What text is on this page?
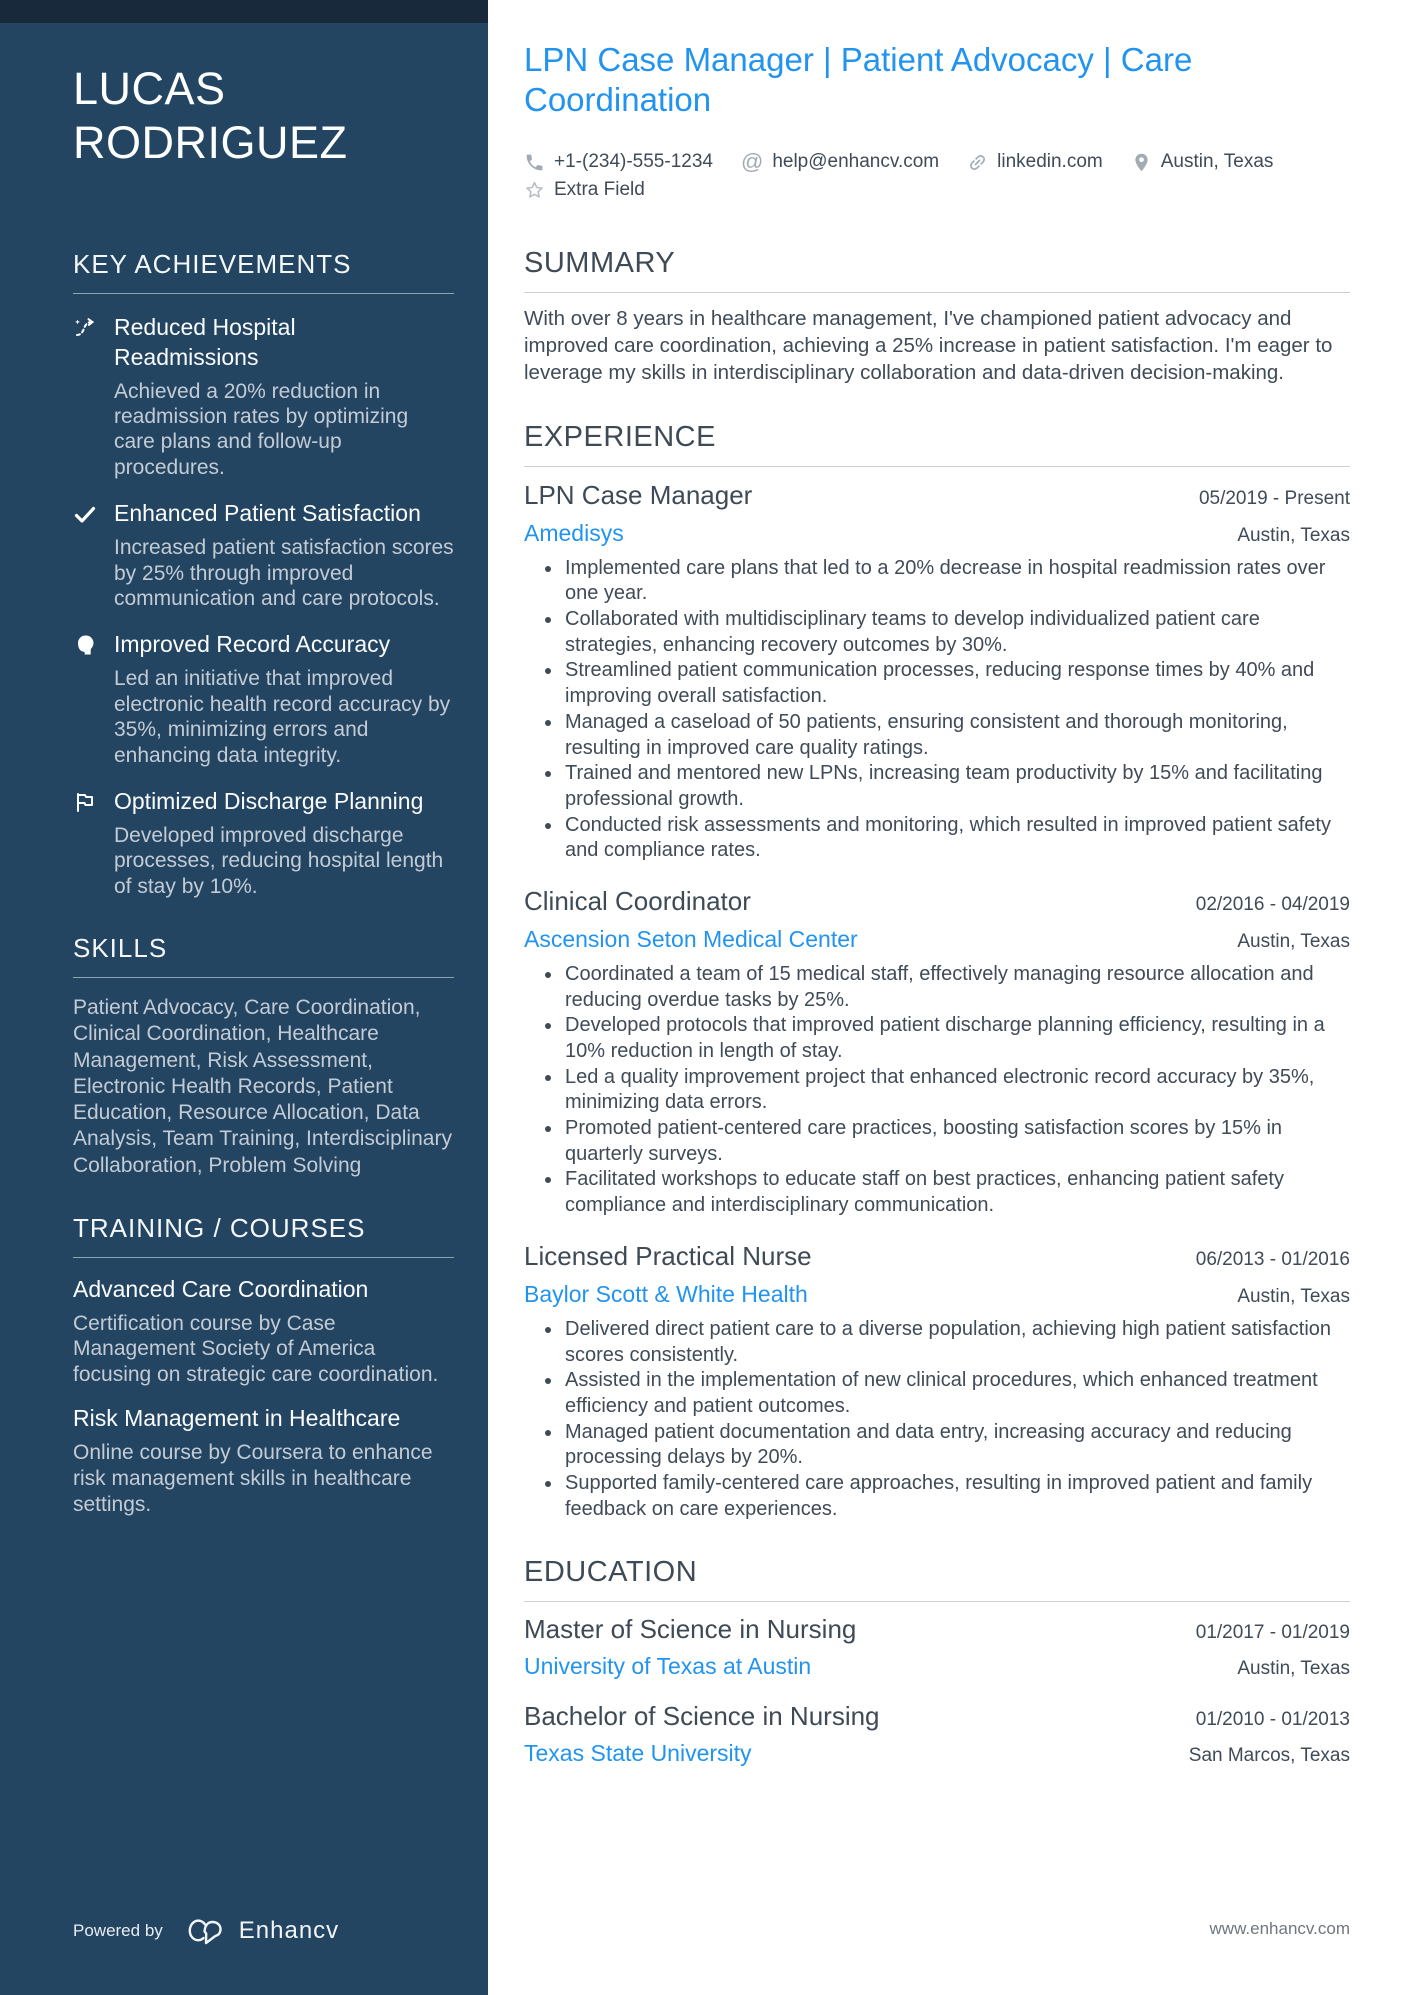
LUCAS RODRIGUEZ
KEY ACHIEVEMENTS
Reduced Hospital Readmissions
Achieved a 20% reduction in readmission rates by optimizing care plans and follow-up procedures.
Enhanced Patient Satisfaction
Increased patient satisfaction scores by 25% through improved communication and care protocols.
Improved Record Accuracy
Led an initiative that improved electronic health record accuracy by 35%, minimizing errors and enhancing data integrity.
Optimized Discharge Planning
Developed improved discharge processes, reducing hospital length of stay by 10%.
SKILLS
Patient Advocacy, Care Coordination, Clinical Coordination, Healthcare Management, Risk Assessment, Electronic Health Records, Patient Education, Resource Allocation, Data Analysis, Team Training, Interdisciplinary Collaboration, Problem Solving
TRAINING / COURSES
Advanced Care Coordination
Certification course by Case Management Society of America focusing on strategic care coordination.
Risk Management in Healthcare
Online course by Coursera to enhance risk management skills in healthcare settings.
Powered by	Enhancv
LPN Case Manager | Patient Advocacy | Care Coordination
+1-(234)-555-1234 @ help@enhancv.com	linkedin.com	Austin, Texas
Extra Field
SUMMARY

With over 8 years in healthcare management, I've championed patient advocacy and improved care coordination, achieving a 25% increase in patient satisfaction. I'm eager to leverage my skills in interdisciplinary collaboration and data-driven decision-making.

EXPERIENCE
LPN Case Manager	05/2019 - Present
Amedisys	Austin, Texas
• Implemented care plans that led to a 20% decrease in hospital readmission rates over one year.
• Collaborated with multidisciplinary teams to develop individualized patient care strategies, enhancing recovery outcomes by 30%.
• Streamlined patient communication processes, reducing response times by 40% and improving overall satisfaction.
• Managed a caseload of 50 patients, ensuring consistent and thorough monitoring, resulting in improved care quality ratings.
• Trained and mentored new LPNs, increasing team productivity by 15% and facilitating professional growth.
• Conducted risk assessments and monitoring, which resulted in improved patient safety and compliance rates.
Clinical Coordinator	02/2016 - 04/2019
Ascension Seton Medical Center	Austin, Texas
• Coordinated a team of 15 medical staff, effectively managing resource allocation and reducing overdue tasks by 25%.
• Developed protocols that improved patient discharge planning efficiency, resulting in a 10% reduction in length of stay.
• Led a quality improvement project that enhanced electronic record accuracy by 35%, minimizing data errors.
• Promoted patient-centered care practices, boosting satisfaction scores by 15% in quarterly surveys.
• Facilitated workshops to educate staff on best practices, enhancing patient safety compliance and interdisciplinary communication.
Licensed Practical Nurse	06/2013 - 01/2016
Baylor Scott & White Health	Austin, Texas
• Delivered direct patient care to a diverse population, achieving high patient satisfaction scores consistently.
• Assisted in the implementation of new clinical procedures, which enhanced treatment efficiency and patient outcomes.
• Managed patient documentation and data entry, increasing accuracy and reducing processing delays by 20%.
• Supported family-centered care approaches, resulting in improved patient and family feedback on care experiences.
EDUCATION
Master of Science in Nursing	01/2017 - 01/2019
University of Texas at Austin	Austin, Texas
Bachelor of Science in Nursing	01/2010 - 01/2013
Texas State University	San Marcos, Texas
www.enhancv.com
